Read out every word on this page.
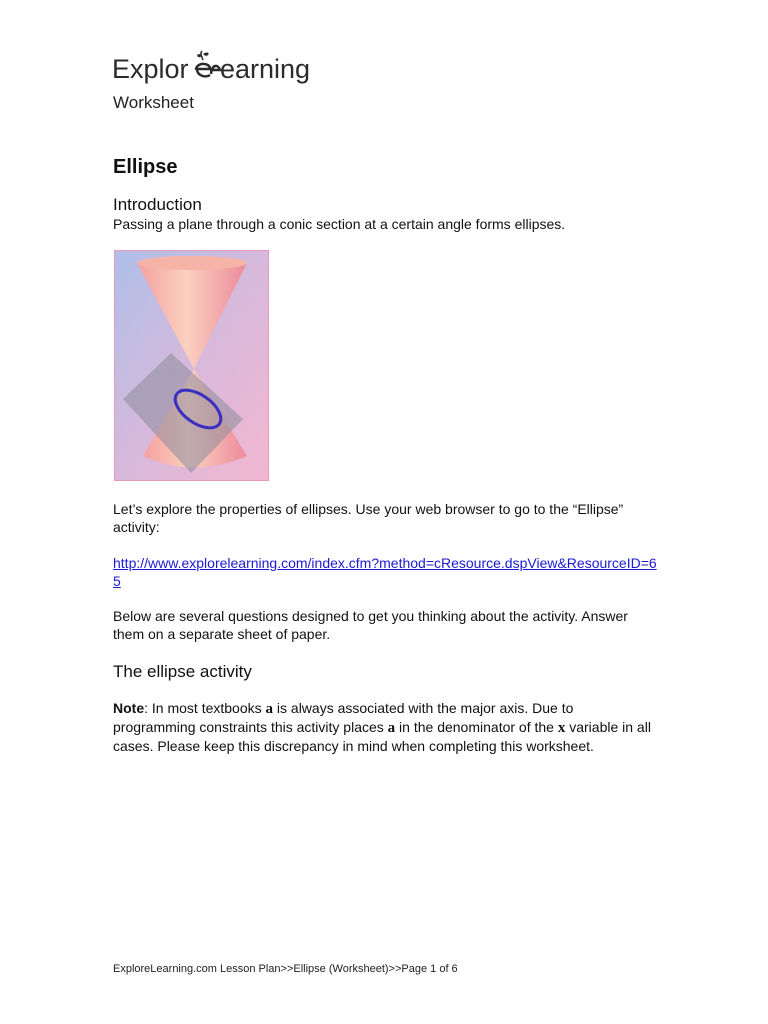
Explor earning
Worksheet
Ellipse
Introduction
Passing a plane through a conic section at a certain angle forms ellipses.
Let’s explore the properties of ellipses. Use your web browser to go to the “Ellipse” activity:
http://www.explorelearning.com/index.cfm?method=cResource.dspView&ResourceID=65
Below are several questions designed to get you thinking about the activity. Answer them on a separate sheet of paper.
The ellipse activity
Note: In most textbooks a is always associated with the major axis. Due to programming constraints this activity places a in the denominator of the x variable in all cases. Please keep this discrepancy in mind when completing this worksheet.
ExploreLearning.com Lesson Plan>>Ellipse (Worksheet)>>Page 1 of 6
